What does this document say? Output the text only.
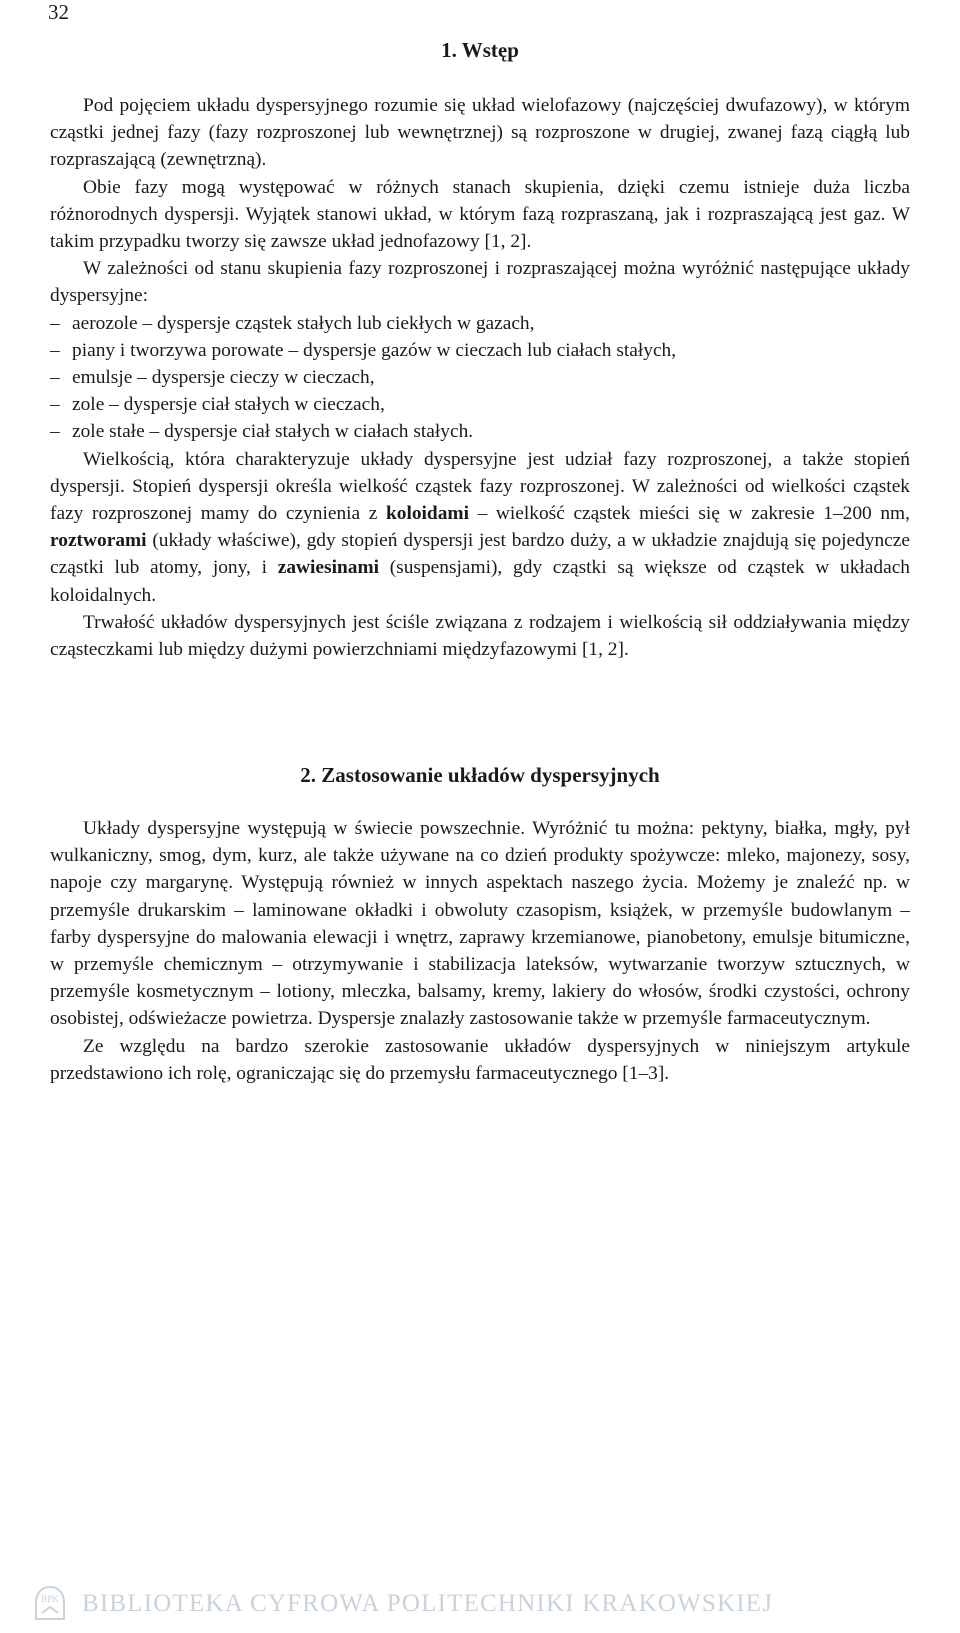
32
1. Wstęp

Pod pojęciem układu dyspersyjnego rozumie się układ wielofazowy (najczęściej dwufazowy), w którym cząstki jednej fazy (fazy rozproszonej lub wewnętrznej) są rozproszone w drugiej, zwanej fazą ciągłą lub rozpraszającą (zewnętrzną).

Obie fazy mogą występować w różnych stanach skupienia, dzięki czemu istnieje duża liczba różnorodnych dyspersji. Wyjątek stanowi układ, w którym fazą rozpraszaną, jak i rozpraszającą jest gaz. W takim przypadku tworzy się zawsze układ jednofazowy [1, 2].

W zależności od stanu skupienia fazy rozproszonej i rozpraszającej można wyróżnić następujące układy dyspersyjne:

– aerozole – dyspersje cząstek stałych lub ciekłych w gazach,
– piany i tworzywa porowate – dyspersje gazów w cieczach lub ciałach stałych,
– emulsje – dyspersje cieczy w cieczach,
– zole – dyspersje ciał stałych w cieczach,
– zole stałe – dyspersje ciał stałych w ciałach stałych.

Wielkością, która charakteryzuje układy dyspersyjne jest udział fazy rozproszonej, a także stopień dyspersji. Stopień dyspersji określa wielkość cząstek fazy rozproszonej. W zależności od wielkości cząstek fazy rozproszonej mamy do czynienia z koloidami – wielkość cząstek mieści się w zakresie 1–200 nm, roztworami (układy właściwe), gdy stopień dyspersji jest bardzo duży, a w układzie znajdują się pojedyncze cząstki lub atomy, jony, i zawiesinami (suspensjami), gdy cząstki są większe od cząstek w układach koloidalnych.

Trwałość układów dyspersyjnych jest ściśle związana z rodzajem i wielkością sił oddziaływania między cząsteczkami lub między dużymi powierzchniami międzyfazowymi [1, 2].

2. Zastosowanie układów dyspersyjnych

Układy dyspersyjne występują w świecie powszechnie. Wyróżnić tu można: pektyny, białka, mgły, pył wulkaniczny, smog, dym, kurz, ale także używane na co dzień produkty spożywcze: mleko, majonezy, sosy, napoje czy margarynę. Występują również w innych aspektach naszego życia. Możemy je znaleźć np. w przemyśle drukarskim – laminowane okładki i obwoluty czasopism, książek, w przemyśle budowlanym – farby dyspersyjne do malowania elewacji i wnętrz, zaprawy krzemianowe, pianobetony, emulsje bitumiczne, w przemyśle chemicznym – otrzymywanie i stabilizacja lateksów, wytwarzanie tworzyw sztucznych, w przemyśle kosmetycznym – lotiony, mleczka, balsamy, kremy, lakiery do włosów, środki czystości, ochrony osobistej, odświeżacze powietrza. Dyspersje znalazły zastosowanie także w przemyśle farmaceutycznym.

Ze względu na bardzo szerokie zastosowanie układów dyspersyjnych w niniejszym artykule przedstawiono ich rolę, ograniczając się do przemysłu farmaceutycznego [1–3].

BPK BIBLIOTEKA CYFROWA POLITECHNIKI KRAKOWSKIEJ
